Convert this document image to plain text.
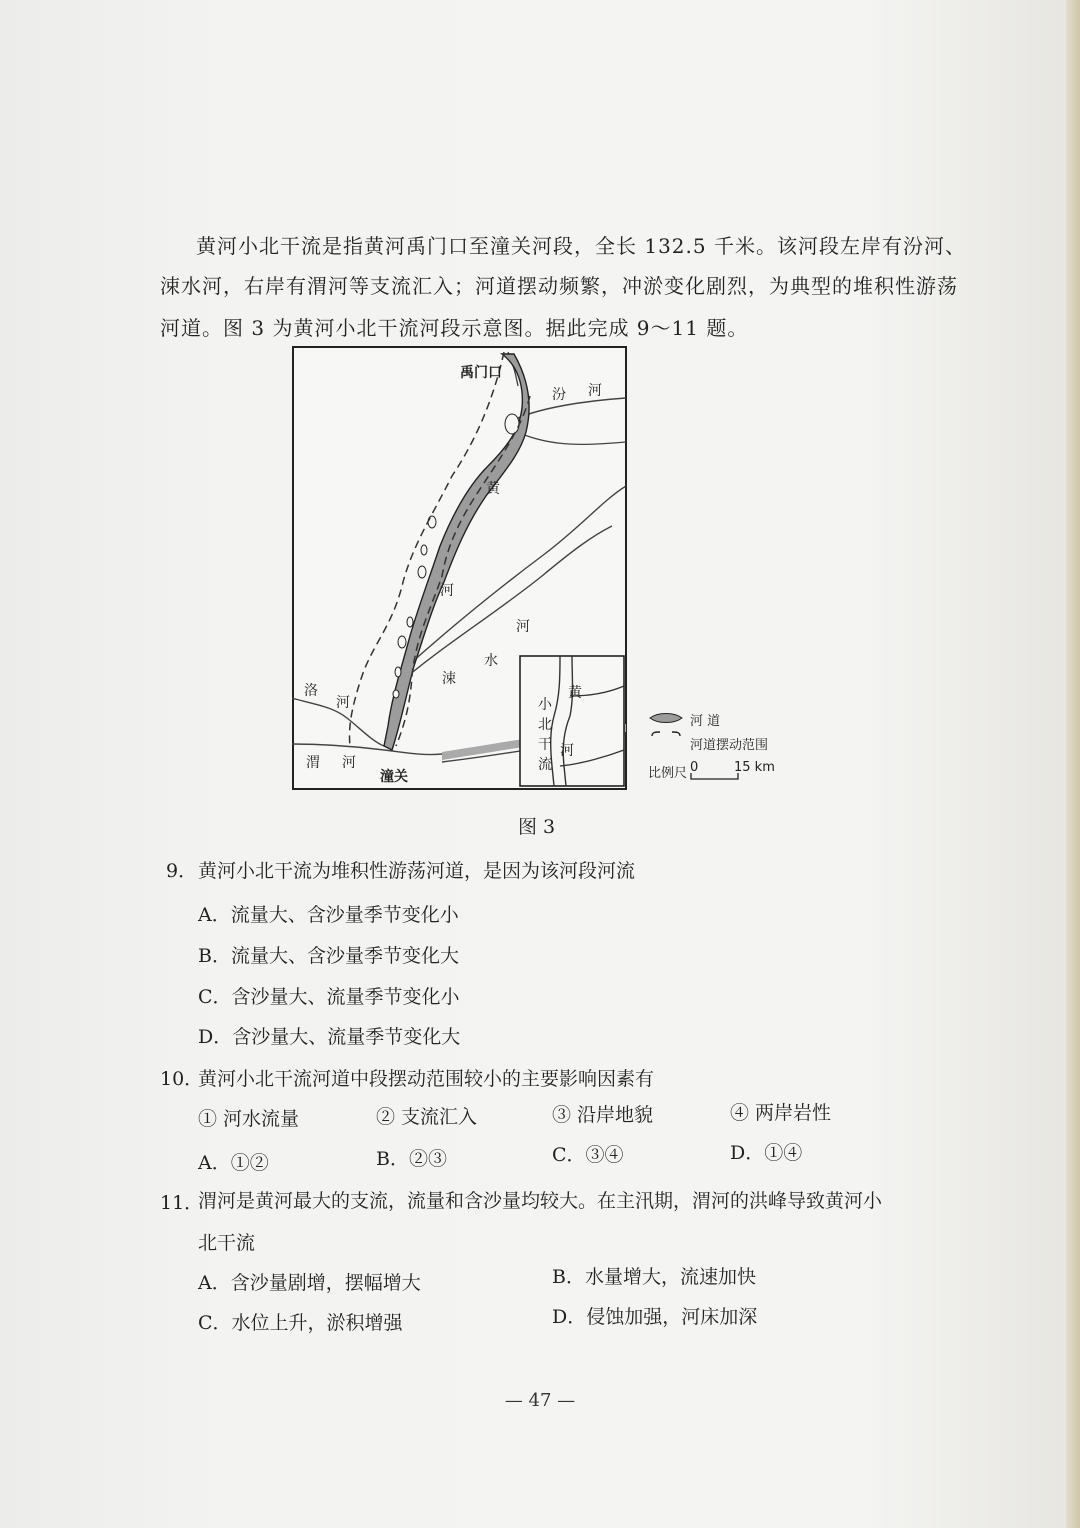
黄河小北干流是指黄河禹门口至潼关河段，全长 132.5 千米。该河段左岸有汾河、
涑水河，右岸有渭河等支流汇入；河道摆动频繁，冲淤变化剧烈，为典型的堆积性游荡
河道。图 3 为黄河小北干流河段示意图。据此完成 9～11 题。
禹门口
汾 河
黄
河
河
水
涑
洛
河
渭 河
潼关
黄
河
小
北
干
流
河 道
河道摆动范围
比例尺 0	15 km
图 3
9． 黄河小北干流为堆积性游荡河道，是因为该河段河流
A．流量大、含沙量季节变化小
B．流量大、含沙量季节变化大
C．含沙量大、流量季节变化小
D．含沙量大、流量季节变化大
10．
黄河小北干流河道中段摆动范围较小的主要影响因素有
① 河水流量	② 支流汇入	③ 沿岸地貌	④ 两岸岩性
A．①②	B．②③	C．③④	D．①④
11．
渭河是黄河最大的支流，流量和含沙量均较大。在主汛期，渭河的洪峰导致黄河小
北干流
A．含沙量剧增，摆幅增大	B．水量增大，流速加快
C．水位上升，淤积增强	D．侵蚀加强，河床加深
— 47 —
